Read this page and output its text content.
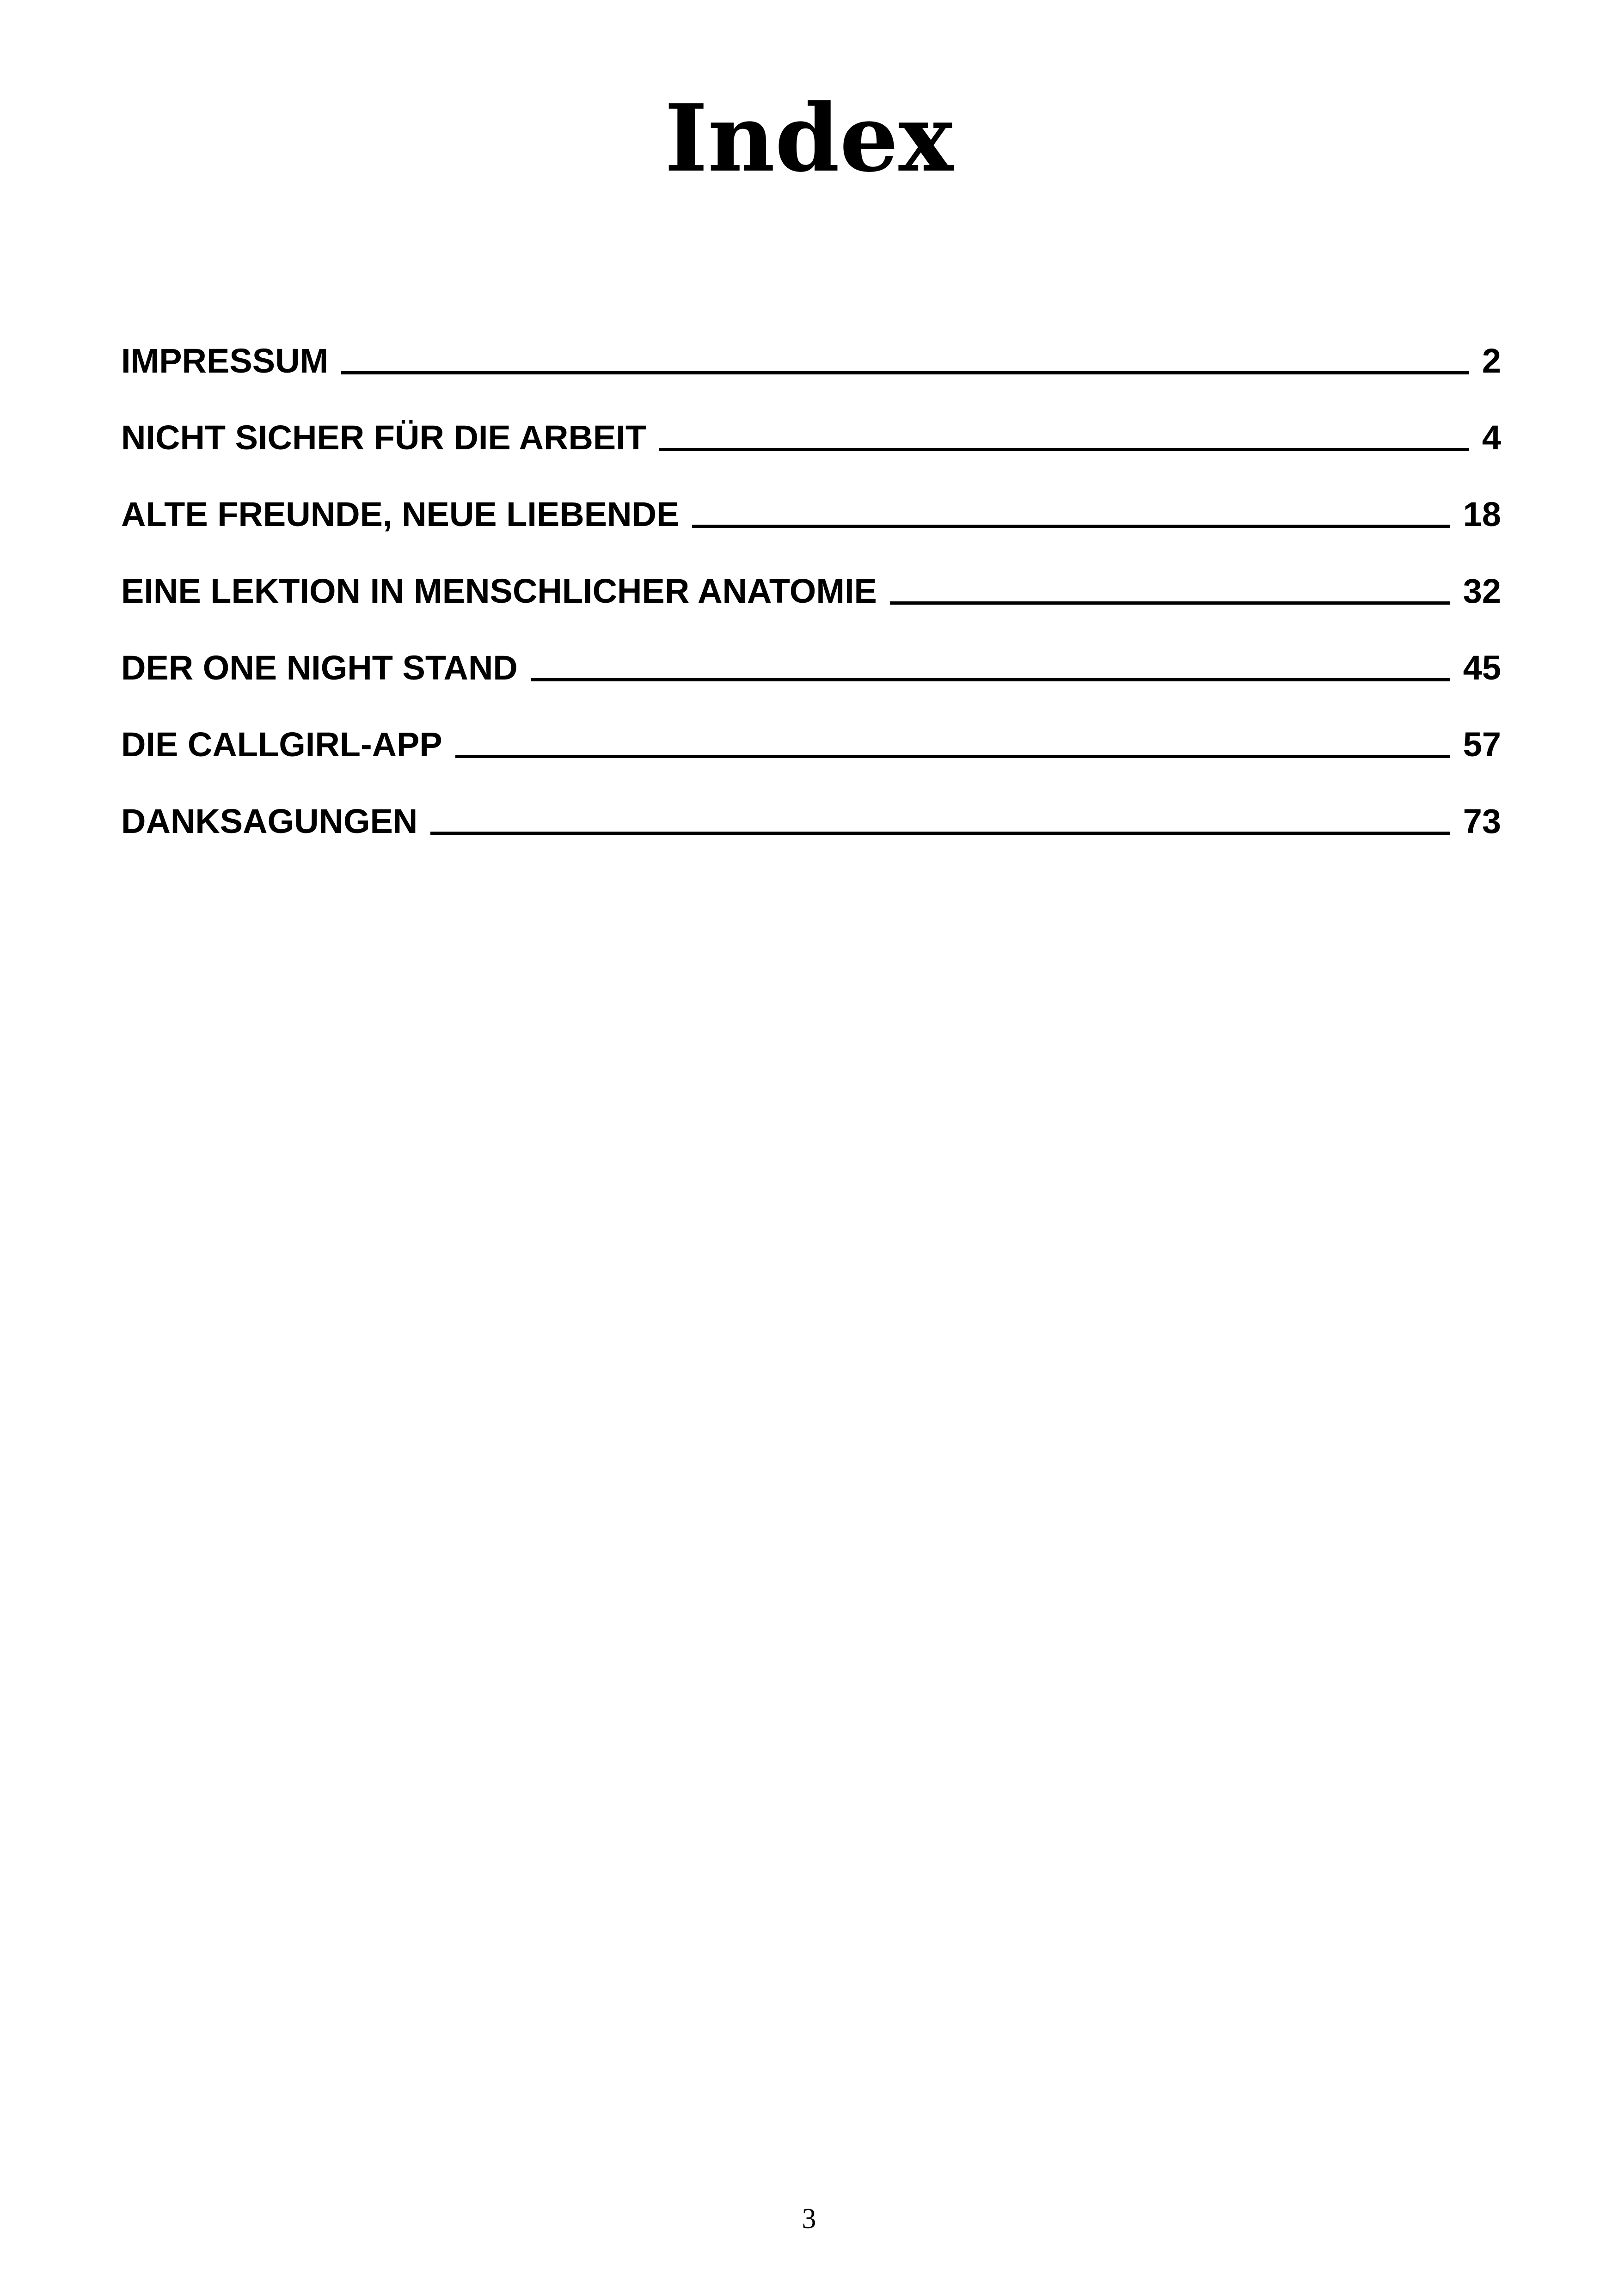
Index
IMPRESSUM	2
NICHT SICHER FÜR DIE ARBEIT	4
ALTE FREUNDE, NEUE LIEBENDE	18
EINE LEKTION IN MENSCHLICHER ANATOMIE	32
DER ONE NIGHT STAND	45
DIE CALLGIRL-APP	57
DANKSAGUNGEN	73
3
